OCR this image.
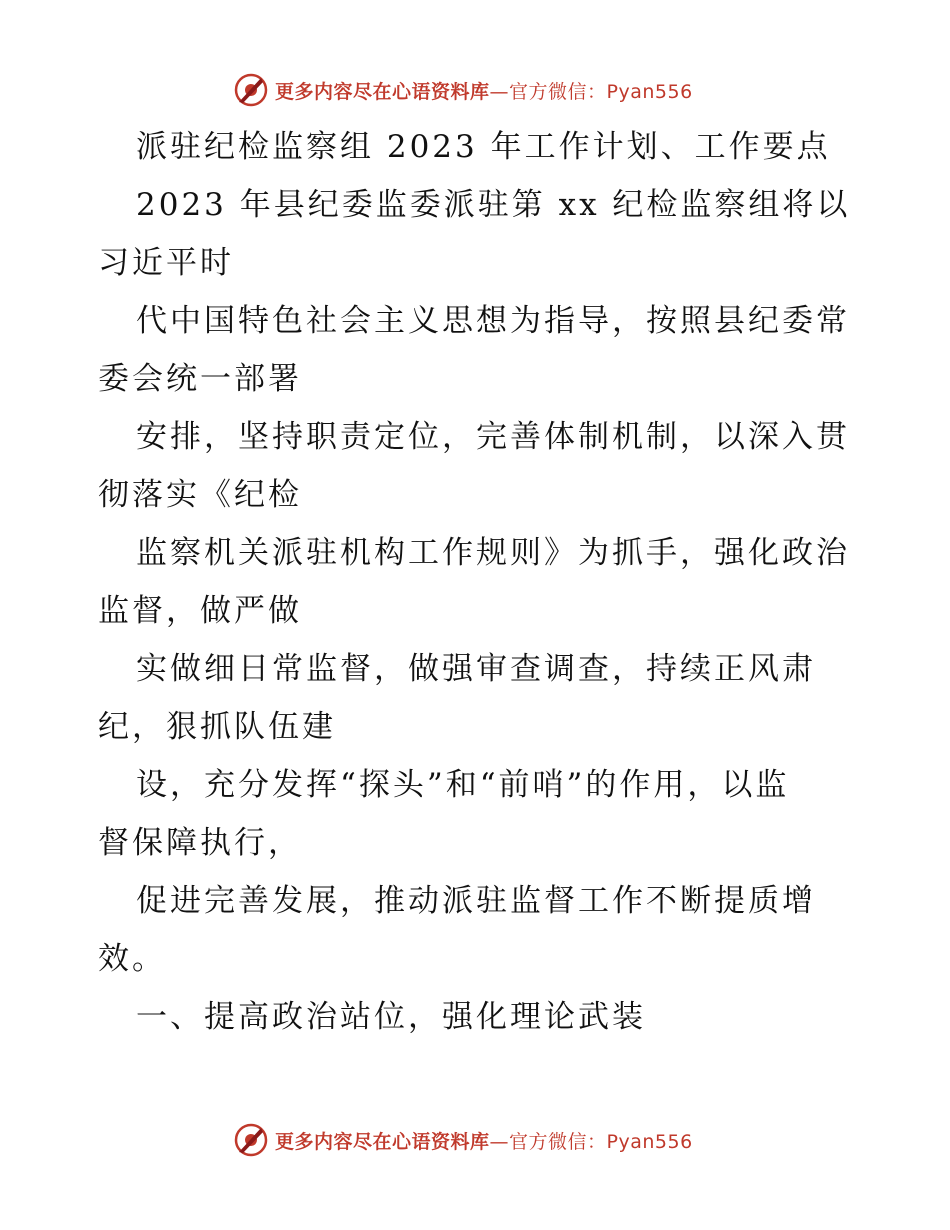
更多内容尽在心语资料库—官方微信：Pyan556
派驻纪检监察组 2023 年工作计划、工作要点
2023 年县纪委监委派驻第 xx 纪检监察组将以
习近平时
代中国特色社会主义思想为指导，按照县纪委常
委会统一部署
安排，坚持职责定位，完善体制机制，以深入贯
彻落实《纪检
监察机关派驻机构工作规则》为抓手，强化政治
监督，做严做
实做细日常监督，做强审查调查，持续正风肃
纪，狠抓队伍建
设，充分发挥“探头”和“前哨”的作用，以监
督保障执行，
促进完善发展，推动派驻监督工作不断提质增
效。
一、提高政治站位，强化理论武装
更多内容尽在心语资料库—官方微信：Pyan556
